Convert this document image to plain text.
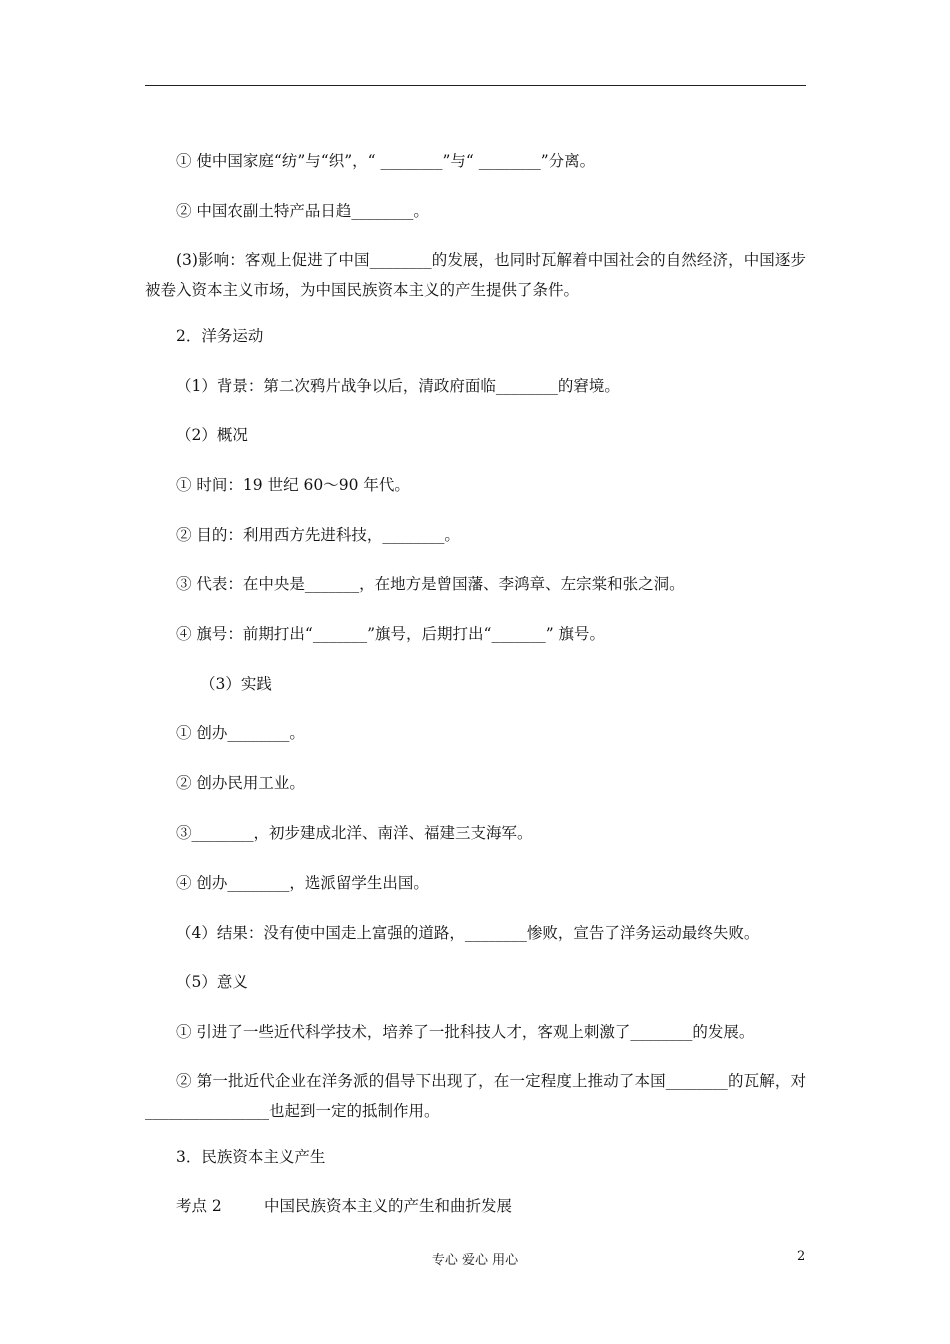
① 使中国家庭“纺”与“织”，“ ________”与“ ________”分离。
② 中国农副土特产品日趋________。
(3)影响：客观上促进了中国________的发展，也同时瓦解着中国社会的自然经济，中国逐步被卷入资本主义市场，为中国民族资本主义的产生提供了条件。
2．洋务运动
（1）背景：第二次鸦片战争以后，清政府面临________的窘境。
（2）概况
① 时间：19 世纪 60～90 年代。
② 目的：利用西方先进科技，________。
③ 代表：在中央是_______，在地方是曾国藩、李鸿章、左宗棠和张之洞。
④ 旗号：前期打出“_______”旗号，后期打出“_______” 旗号。
（3）实践
① 创办________。
② 创办民用工业。
③________，初步建成北洋、南洋、福建三支海军。
④ 创办________，选派留学生出国。
（4）结果：没有使中国走上富强的道路，________惨败，宣告了洋务运动最终失败。
（5）意义
① 引进了一些近代科学技术，培养了一批科技人才，客观上刺激了________的发展。
② 第一批近代企业在洋务派的倡导下出现了，在一定程度上推动了本国________的瓦解，对________________也起到一定的抵制作用。
3．民族资本主义产生
考点 2	中国民族资本主义的产生和曲折发展
专心 爱心 用心	2
